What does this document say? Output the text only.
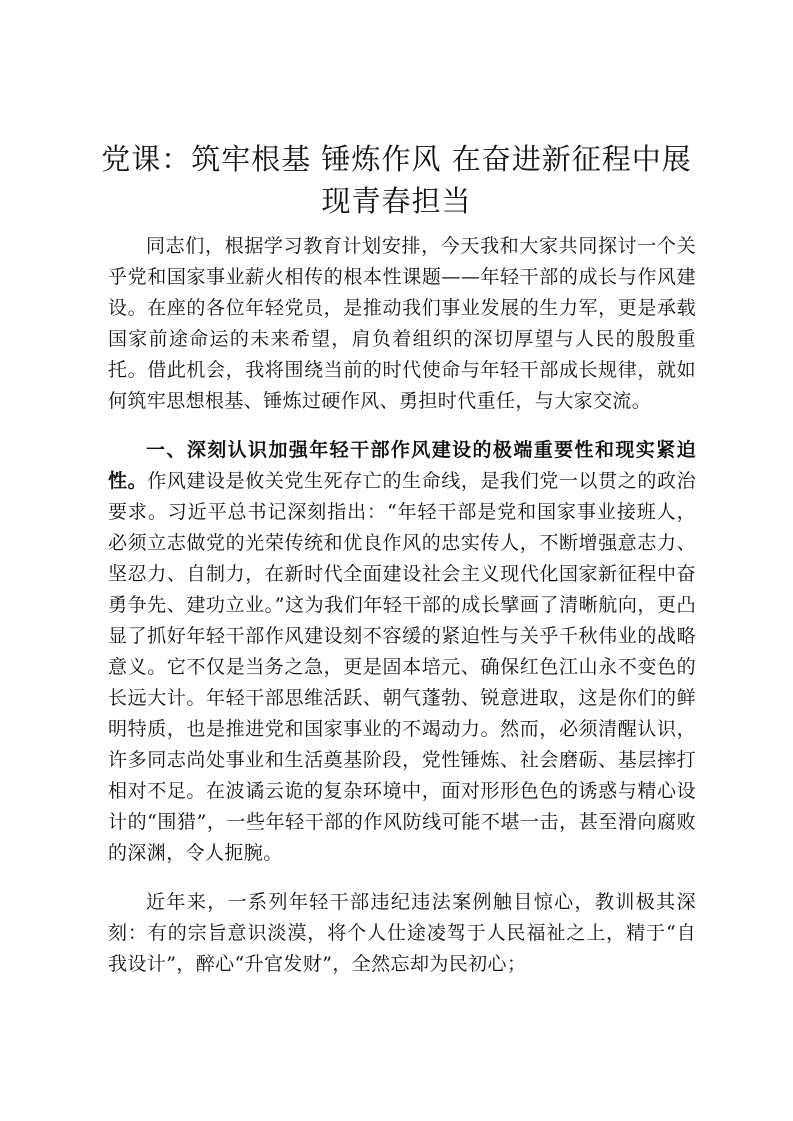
党课：筑牢根基 锤炼作风 在奋进新征程中展现青春担当

同志们，根据学习教育计划安排，今天我和大家共同探讨一个关乎党和国家事业薪火相传的根本性课题——年轻干部的成长与作风建设。在座的各位年轻党员，是推动我们事业发展的生力军，更是承载国家前途命运的未来希望，肩负着组织的深切厚望与人民的殷殷重托。借此机会，我将围绕当前的时代使命与年轻干部成长规律，就如何筑牢思想根基、锤炼过硬作风、勇担时代重任，与大家交流。

一、深刻认识加强年轻干部作风建设的极端重要性和现实紧迫性。作风建设是攸关党生死存亡的生命线，是我们党一以贯之的政治要求。习近平总书记深刻指出：“年轻干部是党和国家事业接班人，必须立志做党的光荣传统和优良作风的忠实传人，不断增强意志力、坚忍力、自制力，在新时代全面建设社会主义现代化国家新征程中奋勇争先、建功立业。”这为我们年轻干部的成长擘画了清晰航向，更凸显了抓好年轻干部作风建设刻不容缓的紧迫性与关乎千秋伟业的战略意义。它不仅是当务之急，更是固本培元、确保红色江山永不变色的长远大计。年轻干部思维活跃、朝气蓬勃、锐意进取，这是你们的鲜明特质，也是推进党和国家事业的不竭动力。然而，必须清醒认识，许多同志尚处事业和生活奠基阶段，党性锤炼、社会磨砺、基层摔打相对不足。在波谲云诡的复杂环境中，面对形形色色的诱惑与精心设计的“围猎”，一些年轻干部的作风防线可能不堪一击，甚至滑向腐败的深渊，令人扼腕。

近年来，一系列年轻干部违纪违法案例触目惊心，教训极其深刻：有的宗旨意识淡漠，将个人仕途凌驾于人民福祉之上，精于“自我设计”，醉心“升官发财”，全然忘却为民初心；
